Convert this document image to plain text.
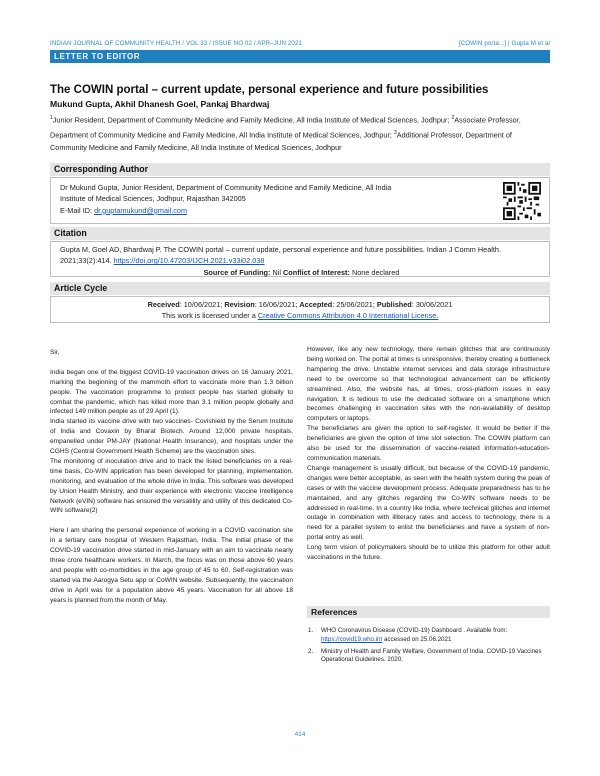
INDIAN JOURNAL OF COMMUNITY HEALTH / VOL 33 / ISSUE NO 02 / APR–JUN 2021	[COWIN porta...] | Gupta M et al
LETTER TO EDITOR
The COWIN portal – current update, personal experience and future possibilities
Mukund Gupta, Akhil Dhanesh Goel, Pankaj Bhardwaj
$^1$Junior Resident, Department of Community Medicine and Family Medicine, All India Institute of Medical Sciences, Jodhpur; $^2$Associate Professor, Department of Community Medicine and Family Medicine, All India Institute of Medical Sciences, Jodhpur; $^3$Additional Professor, Department of Community Medicine and Family Medicine, All India Institute of Medical Sciences, Jodhpur
Corresponding Author
Dr Mukund Gupta, Junior Resident, Department of Community Medicine and Family Medicine, All India
Institute of Medical Sciences, Jodhpur, Rajasthan 342005
E-Mail ID: dr.guptamukund@gmail.com
Citation
Gupta M, Goel AD, Bhardwaj P. The COWIN portal – current update, personal experience and future possibilities. Indian J Comm Health. 2021;33(2):414. https://doi.org/10.47203/IJCH.2021.v33i02.038
Source of Funding: Nil Conflict of Interest: None declared
Article Cycle
Received: 10/06/2021; Revision: 16/06/2021; Accepted: 25/06/2021; Published: 30/06/2021
This work is licensed under a Creative Commons Attribution 4.0 International License.

Sir,

India began one of the biggest COVID-19 vaccination drives on 16 January 2021, marking the beginning of the mammoth effort to vaccinate more than 1.3 billion people. The vaccination programme to protect people has started globally to combat the pandemic, which has killed more than 3.1 million people globally and infected 149 million people as of 29 April (1).

India started its vaccine drive with two vaccines- Covishield by the Serum Institute of India and Covaxin by Bharat Biotech. Around 12,000 private hospitals, empanelled under PM-JAY (National Health Insurance), and hospitals under the CGHS (Central Government Health Scheme) are the vaccination sites.

The monitoring of inoculation drive and to track the listed beneficiaries on a real-time basis, Co-WIN application has been developed for planning, implementation, monitoring, and evaluation of the whole drive in India. This software was developed by Union Health Ministry, and their experience with electronic Vaccine Intelligence Network (eVIN) software has ensured the versatility and utility of this dedicated Co-WIN software(2)

Here I am sharing the personal experience of working in a COVID vaccination site in a tertiary care hospital of Western Rajasthan, India. The initial phase of the COVID-19 vaccination drive started in mid-January with an aim to vaccinate nearly three crore healthcare workers. In March, the focus was on those above 60 years and people with co-morbidities in the age group of 45 to 60. Self-registration was started via the Aarogya Setu app or CoWIN website. Subsequently, the vaccination drive in April was for a population above 45 years. Vaccination for all above 18 years is planned from the month of May.

However, like any new technology, there remain glitches that are continuously being worked on. The portal at times is unresponsive, thereby creating a bottleneck hampering the drive. Unstable internet services and data storage infrastructure need to be overcome so that technological advancement can be efficiently streamlined. Also, the website has, at times, cross-platform issues in easy navigation. It is tedious to use the dedicated software on a smartphone which becomes challenging in vaccination sites with the non-availability of desktop computers or laptops.

The beneficiaries are given the option to self-register. It would be better if the beneficiaries are given the option of time slot selection. The COWIN platform can also be used for the dissemination of vaccine-related information-education-communication materials.

Change management is usually difficult, but because of the COVID-19 pandemic, changes were better acceptable, as seen with the health system during the peak of cases or with the vaccine development process. Adequate preparedness has to be maintained, and any glitches regarding the Co-WIN software needs to be addressed in real-time. In a country like India, where technical glitches and internet outage in combination with illiteracy rates and access to technology, there is a need for a parallel system to enlist the beneficiaries and have a system of non-portal entry as well.

Long term vision of policymakers should be to utilize this platform for other adult vaccinations in the future.

References
1. WHO Coronavirus Disease (COVID-19) Dashboard . Available from: https://covid19.who.int accessed on 25.06.2021
2. Ministry of Health and Family Welfare, Government of India. COVID-19 Vaccines Operational Guidelines. 2020.
414
